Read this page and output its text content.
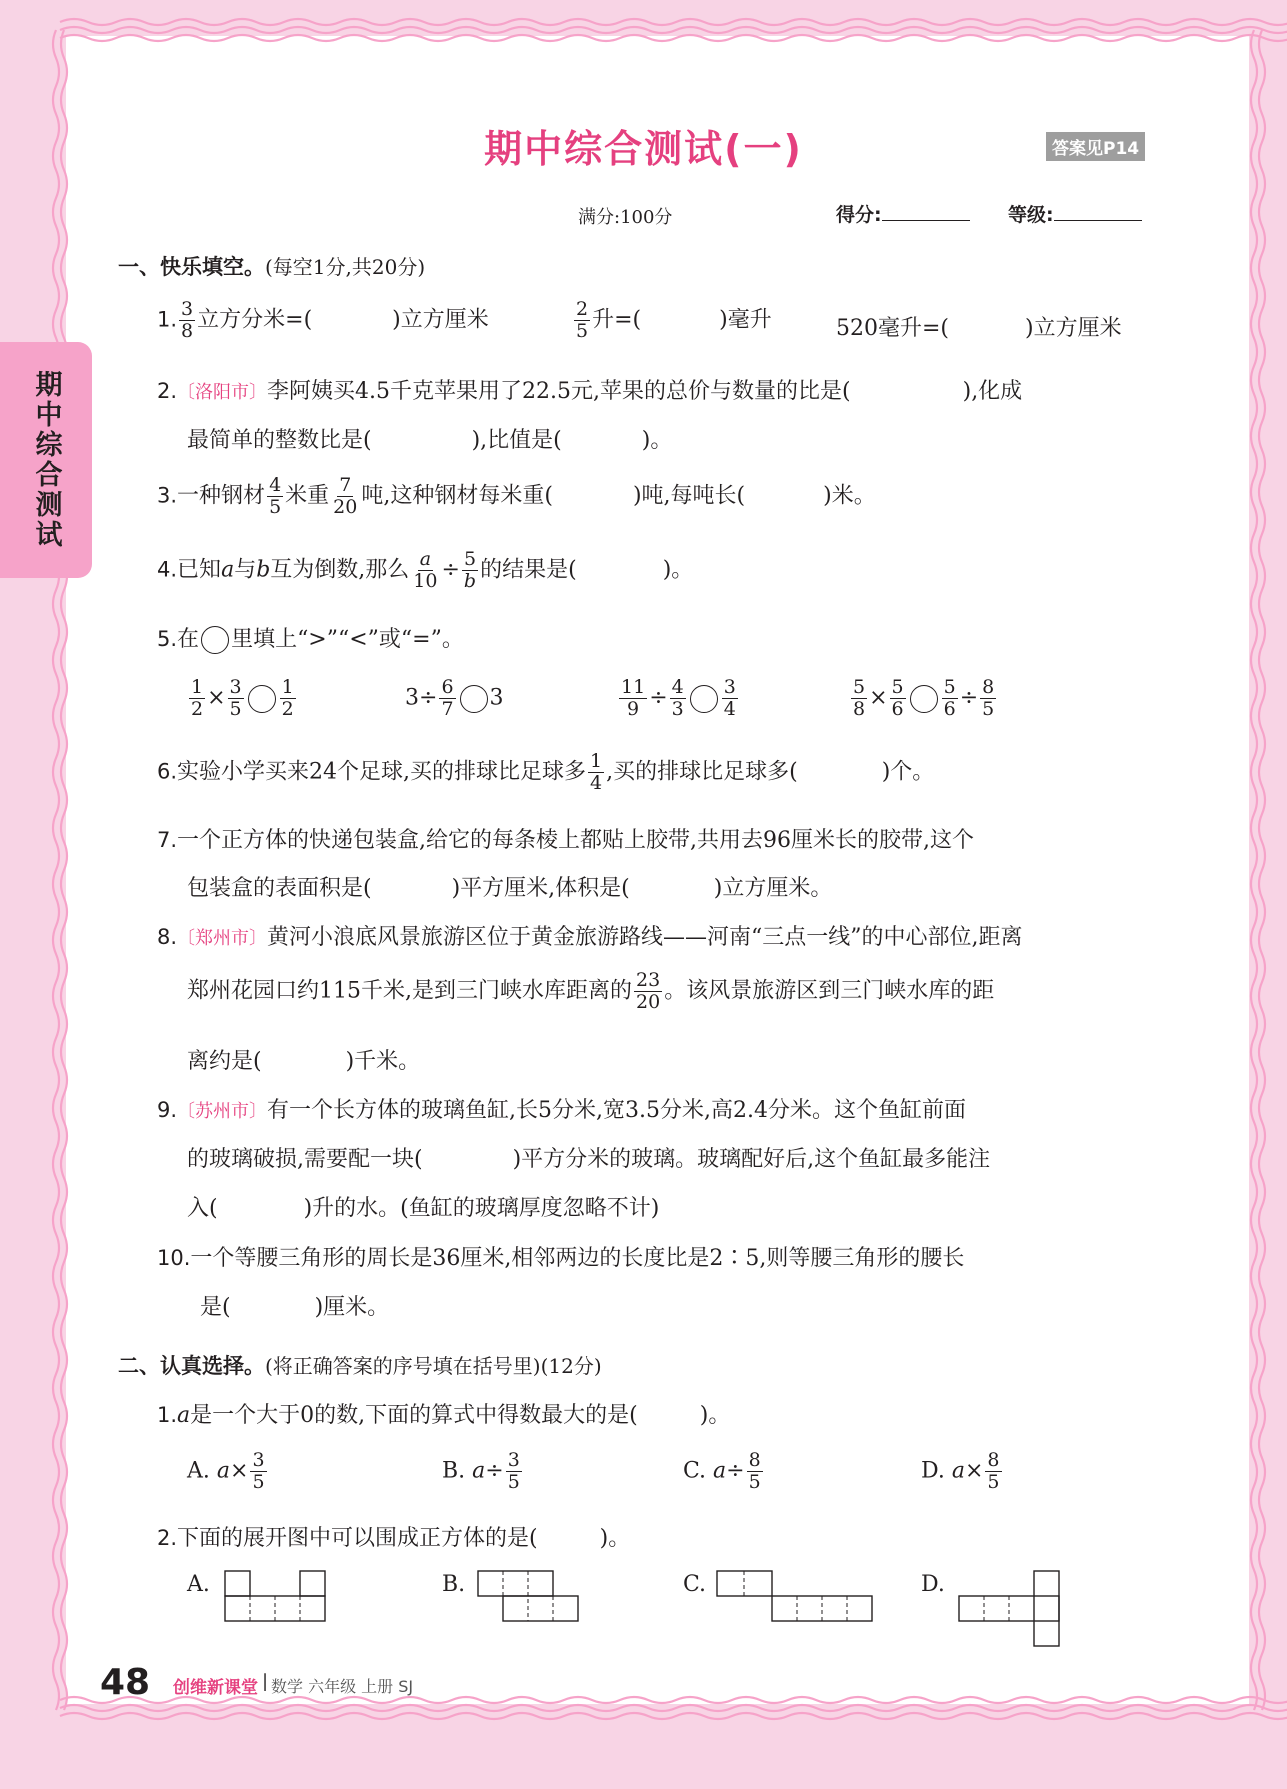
期中综合测试
期中综合测试(一)	答案见P14
满分:100分	得分:	等级:
一、快乐填空。(每空1分,共20分)
1. $\frac{3}{8}$ 立方分米=(	)立方厘米	$\frac{2}{5}$ 升=(	)毫升	520毫升=(	)立方厘米
2.〔洛阳市〕李阿姨买4.5千克苹果用了22.5元,苹果的总价与数量的比是(	),化成
最简单的整数比是(	),比值是(	)。
3.一种钢材 $\frac{4}{5}$ 米重 $\frac{7}{20}$ 吨,这种钢材每米重(	)吨,每吨长(	)米。
4.已知a与b互为倒数,那么 $\frac{a}{10} \div \frac{5}{b}$ 的结果是(	)。
5.在 里填上“>”“<”或“=”。
$\frac{1}{2} \times \frac{3}{5} \frac{1}{2}$	$3\div \frac{6}{7} 3$	$\frac{11}{9} \div \frac{4}{3} \frac{3}{4}$	$\frac{5}{8} \times \frac{5}{6} \frac{5}{6} \div \frac{8}{5}$
6.实验小学买来24个足球,买的排球比足球多 $\frac{1}{4}$ ,买的排球比足球多(	)个。
7.一个正方体的快递包装盒,给它的每条棱上都贴上胶带,共用去96厘米长的胶带,这个
包装盒的表面积是(	)平方厘米,体积是(	)立方厘米。
8.〔郑州市〕黄河小浪底风景旅游区位于黄金旅游路线——河南“三点一线”的中心部位,距离
郑州花园口约115千米,是到三门峡水库距离的 $\frac{23}{20}$ 。该风景旅游区到三门峡水库的距
离约是(	)千米。
9.〔苏州市〕有一个长方体的玻璃鱼缸,长5分米,宽3.5分米,高2.4分米。这个鱼缸前面
的玻璃破损,需要配一块(	)平方分米的玻璃。玻璃配好后,这个鱼缸最多能注
入(	)升的水。(鱼缸的玻璃厚度忽略不计)
10.一个等腰三角形的周长是36厘米,相邻两边的长度比是2∶5,则等腰三角形的腰长
是(	)厘米。
二、认真选择。(将正确答案的序号填在括号里)(12分)
1.a是一个大于0的数,下面的算式中得数最大的是(	)。
A. $a\times \frac{3}{5}$	B. $a\div \frac{3}{5}$	C. $a\div \frac{8}{5}$	D. $a\times \frac{8}{5}$
2.下面的展开图中可以围成正方体的是(	)。
A.	B.	C.	D.
48 创维新课堂 | 数学 六年级 上册 SJ
